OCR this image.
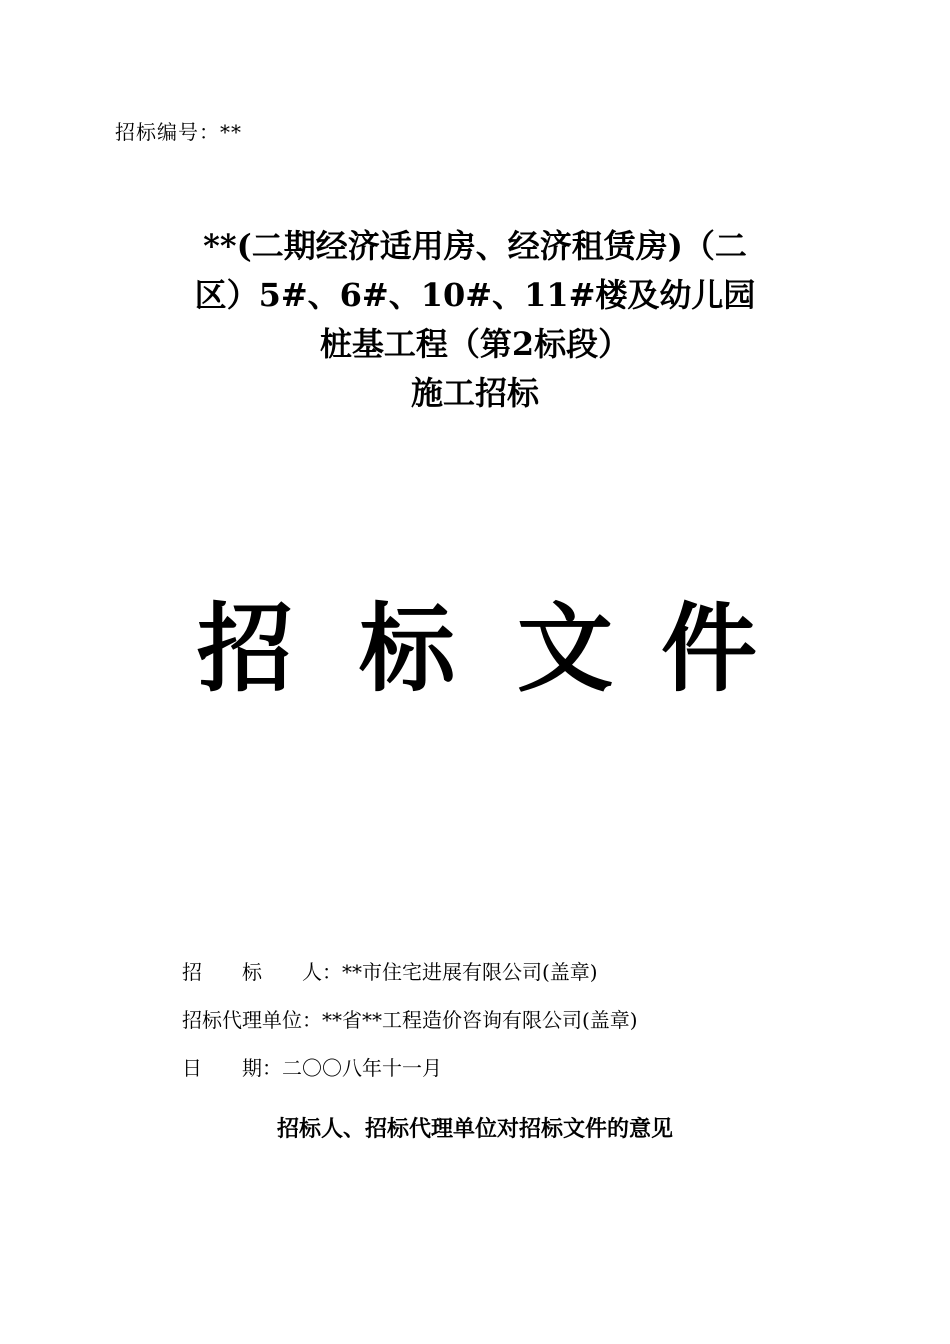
招标编号：**
**(二期经济适用房、经济租赁房)（二
区）5#、6#、10#、11#楼及幼儿园
桩基工程（第2标段）
施工招标
招 标 文 件
招　　标　　人：**市住宅进展有限公司(盖章)
招标代理单位：**省**工程造价咨询有限公司(盖章)
日　　期：二〇〇八年十一月
招标人、招标代理单位对招标文件的意见
